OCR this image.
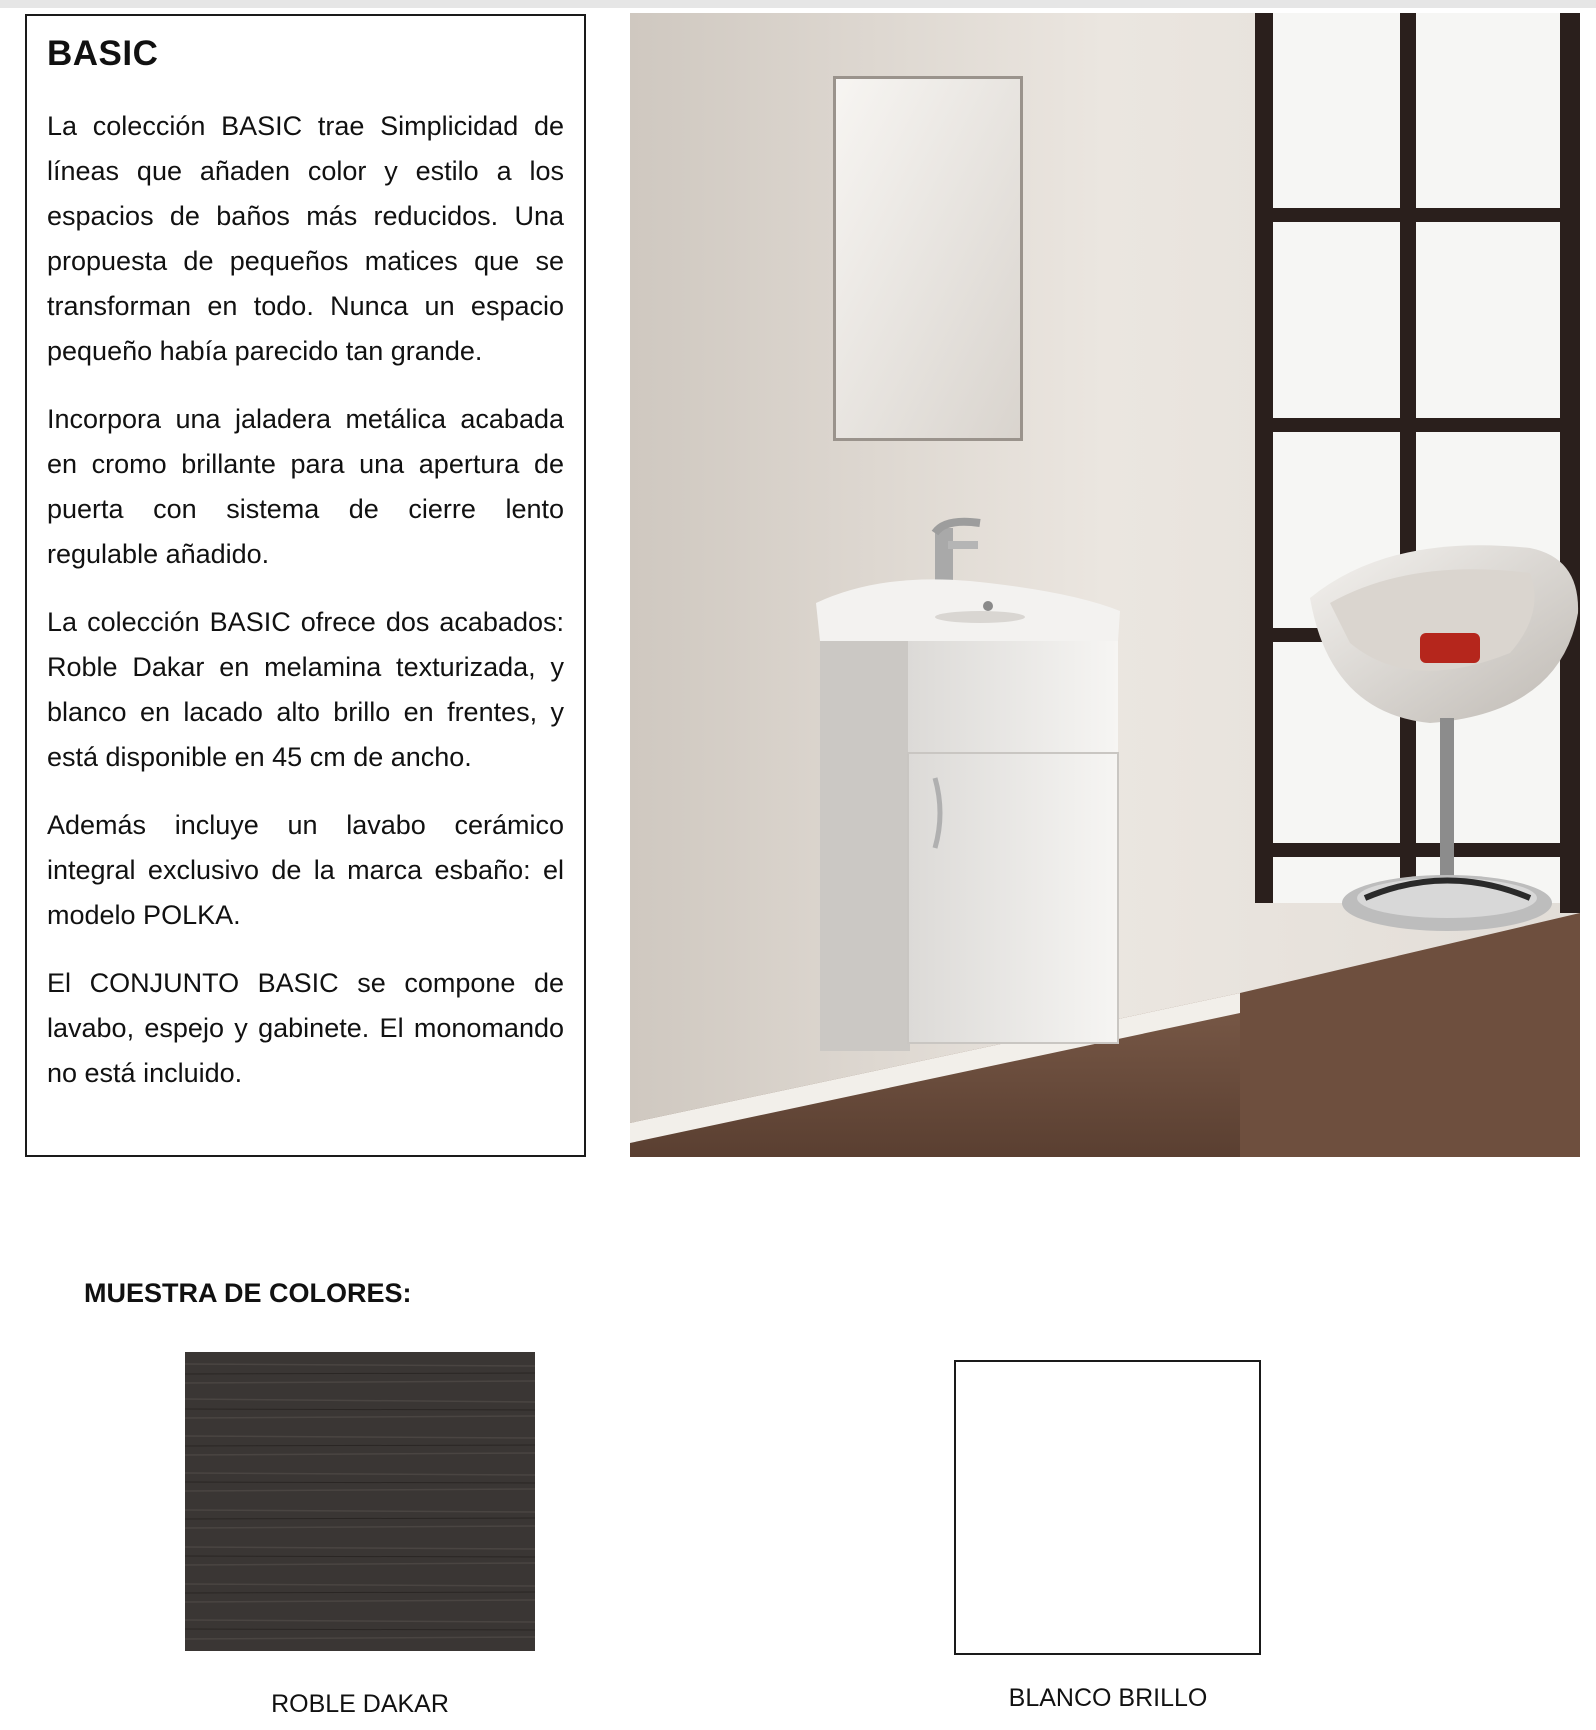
BASIC

La colección BASIC trae Simplicidad de líneas que añaden color y estilo a los espacios de baños más reducidos. Una propuesta de pequeños matices que se transforman en todo. Nunca un espacio pequeño había parecido tan grande.

Incorpora una jaladera metálica acabada en cromo brillante para una apertura de puerta con sistema de cierre lento regulable añadido.

La colección BASIC ofrece dos acabados: Roble Dakar en melamina texturizada, y blanco en lacado alto brillo en frentes, y está disponible en 45 cm de ancho.

Además incluye un lavabo cerámico integral exclusivo de la marca esbaño: el modelo POLKA.

El CONJUNTO BASIC se compone de lavabo, espejo y gabinete. El monomando no está incluido.

MUESTRA DE COLORES:
ROBLE DAKAR	BLANCO BRILLO
